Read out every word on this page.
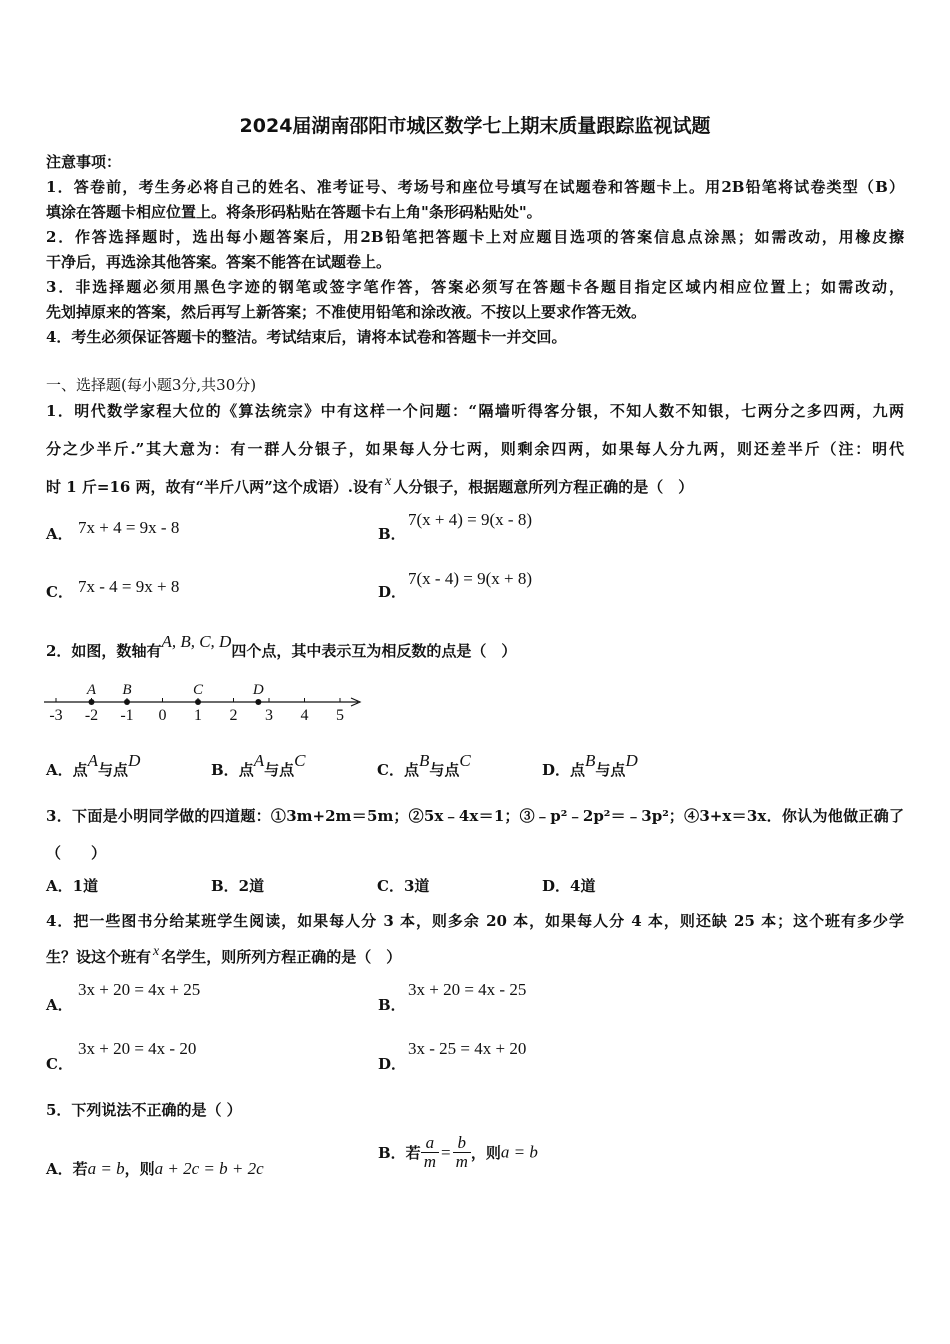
2024届湖南邵阳市城区数学七上期末质量跟踪监视试题
注意事项：
1．答卷前，考生务必将自己的姓名、准考证号、考场号和座位号填写在试题卷和答题卡上。用2B铅笔将试卷类型（B）
填涂在答题卡相应位置上。将条形码粘贴在答题卡右上角"条形码粘贴处"。
2．作答选择题时，选出每小题答案后，用2B铅笔把答题卡上对应题目选项的答案信息点涂黑；如需改动，用橡皮擦
干净后，再选涂其他答案。答案不能答在试题卷上。
3．非选择题必须用黑色字迹的钢笔或签字笔作答，答案必须写在答题卡各题目指定区域内相应位置上；如需改动，
先划掉原来的答案，然后再写上新答案；不准使用铅笔和涂改液。不按以上要求作答无效。
4．考生必须保证答题卡的整洁。考试结束后，请将本试卷和答题卡一并交回。
一、选择题(每小题3分,共30分)
1．明代数学家程大位的《算法统宗》中有这样一个问题：“隔墙听得客分银，不知人数不知银，七两分之多四两，九两
分之少半斤.”其大意为：有一群人分银子，如果每人分七两，则剩余四两，如果每人分九两，则还差半斤（注：明代
时 1 斤=16 两，故有“半斤八两”这个成语）.设有 x 人分银子，根据题意所列方程正确的是（　）
A． 7x + 4 = 9x - 8	B．
7(x + 4) = 9(x - 8)
C． 7x - 4 = 9x + 8	D．
7(x - 4) = 9(x + 8)
2．如图，数轴有A, B, C, D四个点，其中表示互为相反数的点是（　）
-3 -2 -1 0 1 2 3 4 5
A B	C	D
A．点A与点D	B．点A与点C	C．点B与点C	D．点B与点D
3．下面是小明同学做的四道题：①3m+2m＝5m；②5x﹣4x＝1；③﹣p²﹣2p²＝﹣3p²；④3+x＝3x．你认为他做正确了
（　　）
A．1道	B．2道	C．3道	D．4道
4．把一些图书分给某班学生阅读，如果每人分 3 本，则多余 20 本，如果每人分 4 本，则还缺 25 本；这个班有多少学
生？设这个班有 x 名学生，则所列方程正确的是（　）
A．
3x + 20 = 4x + 25
B．
3x + 20 = 4x - 25
C．
3x + 20 = 4x - 20
D．
3x - 25 = 4x + 20
5．下列说法不正确的是（ ）
A．若a = b，则a + 2c = b + 2c
B．若 $\frac{a}{m} = \frac{b}{m}$ ，则a = b
